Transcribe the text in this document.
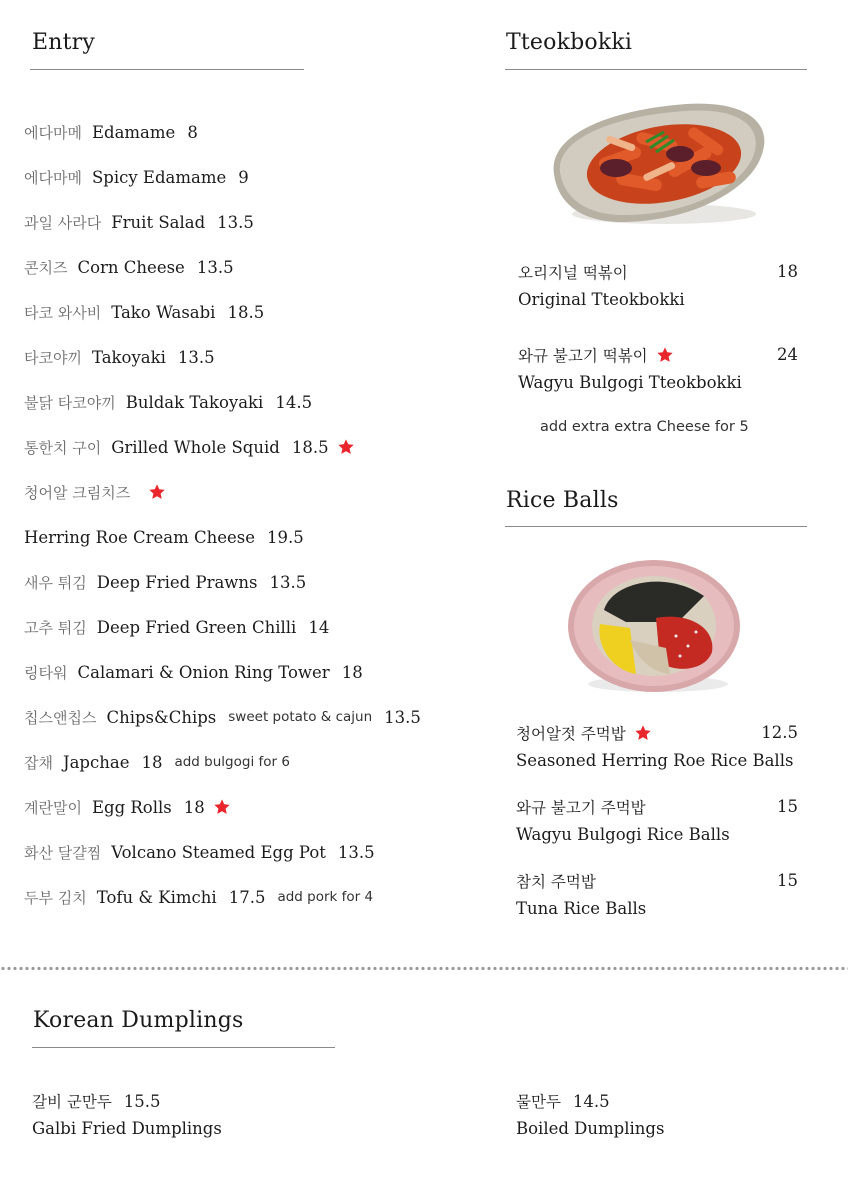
Entry
에다마메 Edamame 8
에다마메 Spicy Edamame 9
과일 사라다 Fruit Salad 13.5
콘치즈 Corn Cheese 13.5
타코 와사비 Tako Wasabi 18.5
타코야끼 Takoyaki 13.5
불닭 타코야끼 Buldak Takoyaki 14.5
통한치 구이 Grilled Whole Squid 18.5
청어알 크림치즈
Herring Roe Cream Cheese 19.5
새우 튀김 Deep Fried Prawns 13.5
고추 튀김 Deep Fried Green Chilli 14
링타워 Calamari & Onion Ring Tower 18
칩스앤칩스 Chips&Chips sweet potato & cajun 13.5
잡채 Japchae 18 add bulgogi for 6
계란말이 Egg Rolls 18
화산 달걀찜 Volcano Steamed Egg Pot 13.5
두부 김치 Tofu & Kimchi 17.5 add pork for 4
Tteokbokki
오리지널 떡볶이
Original Tteokbokki
18
와규 불고기 떡볶이
Wagyu Bulgogi Tteokbokki
24
add extra extra Cheese for 5
Rice Balls
청어알젓 주먹밥
Seasoned Herring Roe Rice Balls
12.5
와규 불고기 주먹밥
Wagyu Bulgogi Rice Balls
15
참치 주먹밥
Tuna Rice Balls
15
Korean Dumplings
갈비 군만두 15.5
Galbi Fried Dumplings
물만두 14.5
Boiled Dumplings
